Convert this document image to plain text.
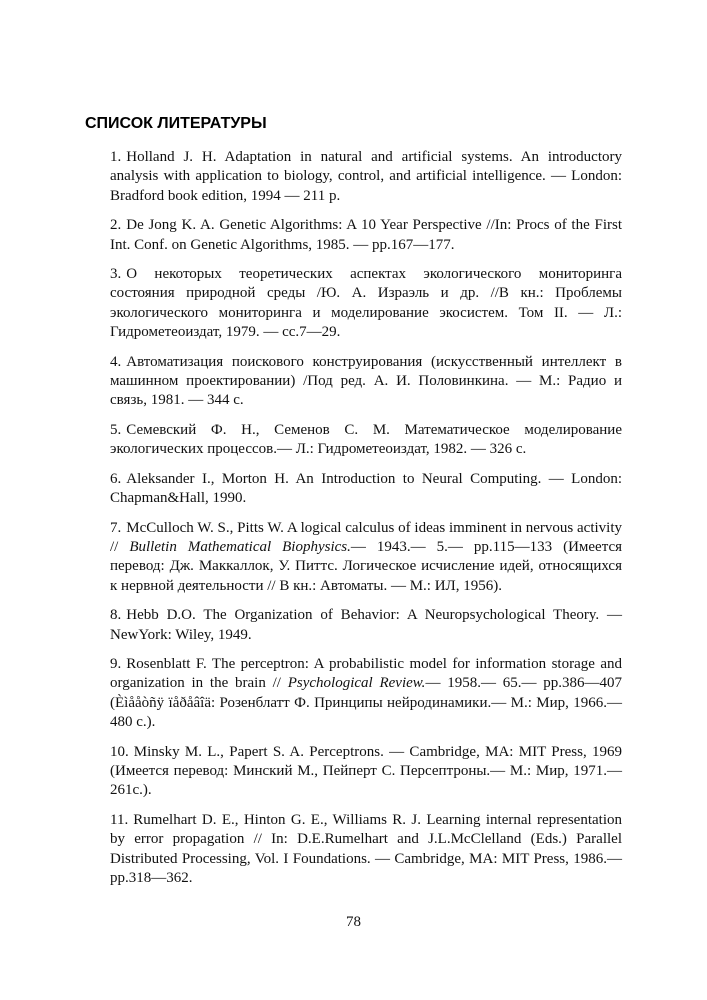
СПИСОК ЛИТЕРАТУРЫ
1. Holland J. H. Adaptation in natural and artificial systems. An introductory analysis with application to biology, control, and artificial intelligence. — London: Bradford book edition, 1994 — 211 p.
2. De Jong K. A. Genetic Algorithms: A 10 Year Perspective //In: Procs of the First Int. Conf. on Genetic Algorithms, 1985. — pp.167—177.
3. О некоторых теоретических аспектах экологического мониторинга состояния природной среды /Ю. А. Израэль и др. //В кн.: Проблемы экологического мониторинга и моделирование экосистем. Том II. — Л.: Гидрометеоиздат, 1979. — сс.7—29.
4. Автоматизация поискового конструирования (искусственный интеллект в машинном проектировании) /Под ред. А. И. Половинкина. — М.: Радио и связь, 1981. — 344 с.
5. Семевский Ф. Н., Семенов С. М. Математическое моделирование экологических процессов.— Л.: Гидрометеоиздат, 1982. — 326 с.
6. Aleksander I., Morton H. An Introduction to Neural Computing. — London: Chapman&Hall, 1990.
7. McCulloch W. S., Pitts W. A logical calculus of ideas imminent in nervous activity // Bulletin Mathematical Biophysics.— 1943.— 5.— pp.115—133 (Имеется перевод: Дж. Маккаллок, У. Питтс. Логическое исчисление идей, относящихся к нервной деятельности // В кн.: Автоматы. — М.: ИЛ, 1956).
8. Hebb D.O. The Organization of Behavior: A Neuropsychological Theory. — NewYork: Wiley, 1949.
9. Rosenblatt F. The perceptron: A probabilistic model for information storage and organization in the brain // Psychological Review.— 1958.— 65.— pp.386—407 (Èìååòñÿ ïåðåâîä: Розенблатт Ф. Принципы нейродинамики.— М.: Мир, 1966.— 480 с.).
10. Minsky M. L., Papert S. A. Perceptrons. — Cambridge, MA: MIT Press, 1969 (Имеется перевод: Минский М., Пейперт С. Персептроны.— М.: Мир, 1971.— 261с.).
11. Rumelhart D. E., Hinton G. E., Williams R. J. Learning internal representation by error propagation // In: D.E.Rumelhart and J.L.McClelland (Eds.) Parallel Distributed Processing, Vol. I Foundations. — Cambridge, MA: MIT Press, 1986.— pp.318—362.
78
